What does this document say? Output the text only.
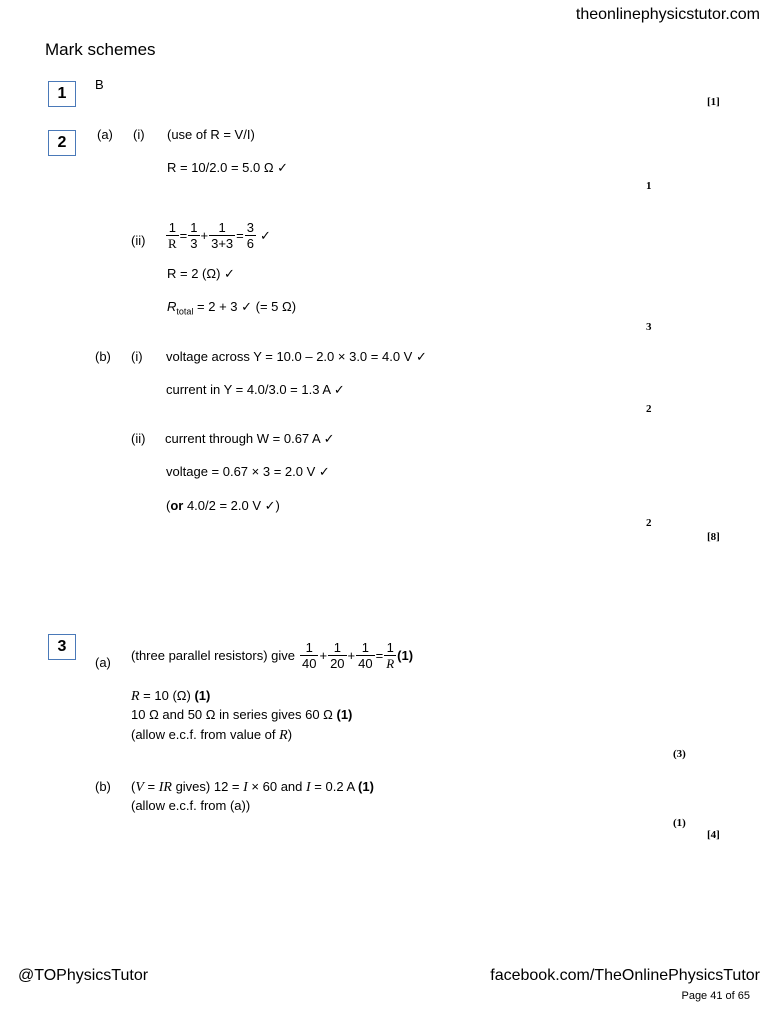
theonlinephysicstutor.com
Mark schemes
1
B
[1]
2	(a) (i) (use of R = V/I)
R = 10/2.0 = 5.0 Ω ✓
1
$(ii) \frac{1}{R} = \frac{1}{3} + \frac{1}{3+3} = \frac{3}{6}$ ✓
R = 2 (Ω) ✓
$R_{total} = 2 + 3$ ✓ (= 5 Ω)
3
(b) (i) voltage across Y = 10.0 – 2.0 × 3.0 = 4.0 V ✓
current in Y = 4.0/3.0 = 1.3 A ✓
2
(ii) current through W = 0.67 A ✓
voltage = 0.67 × 3 = 2.0 V ✓
(or 4.0/2 = 2.0 V ✓)
2
[8]
3
(a) (three parallel resistors) give $\frac{1}{40} + \frac{1}{20} + \frac{1}{40} = \frac{1}{R} (1)$
R = 10 (Ω) (1)
10 Ω and 50 Ω in series gives 60 Ω (1)
(allow e.c.f. from value of R)
(3)
(b) (V = IR gives) 12 = I × 60 and I = 0.2 A (1)
(allow e.c.f. from (a))
(1)
[4]
@TOPhysicsTutor	facebook.com/TheOnlinePhysicsTutor
Page 41 of 65
